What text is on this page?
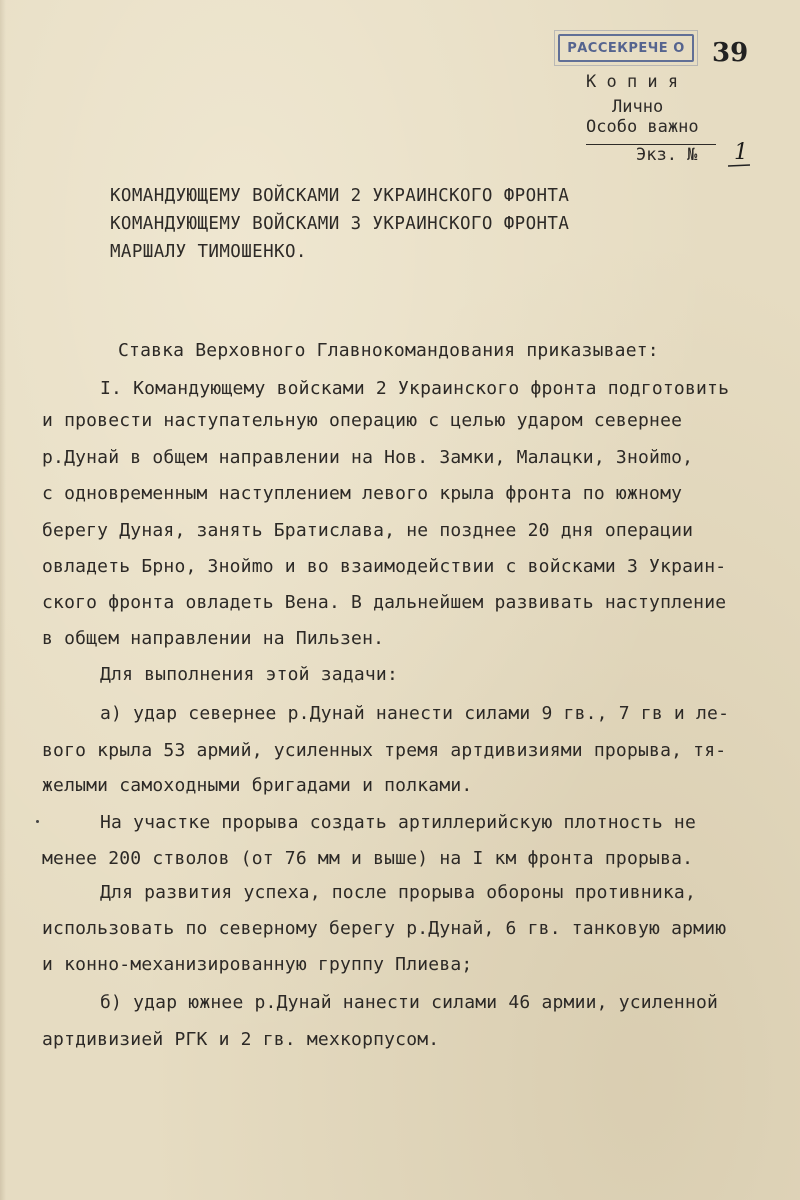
РАССЕКРЕЧЕ О 39
К о п и я
Лично
Особо важно
Экз. № 1
КОМАНДУЮЩЕМУ ВОЙСКАМИ 2 УКРАИНСКОГО ФРОНТА
КОМАНДУЮЩЕМУ ВОЙСКАМИ 3 УКРАИНСКОГО ФРОНТА
МАРШАЛУ ТИМОШЕНКО.
Ставка Верховного Главнокомандования приказывает:
I. Командующему войсками 2 Украинского фронта подготовить
и провести наступательную операцию с целью ударом севернее
р.Дунай в общем направлении на Нов. Замки, Малацки, Знойmo,
с одновременным наступлением левого крыла фронта по южному
берегу Дуная, занять Братислава, не позднее 20 дня операции
овладеть Брно, Знойmo и во взаимодействии с войсками 3 Украин-
ского фронта овладеть Вена. В дальнейшем развивать наступление
в общем направлении на Пильзен.
Для выполнения этой задачи:
а) удар севернее р.Дунай нанести силами 9 гв., 7 гв и ле-
вого крыла 53 армий, усиленных тремя артдивизиями прорыва, тя-
желыми самоходными бригадами и полками.
На участке прорыва создать артиллерийскую плотность не
менее 200 стволов (от 76 мм и выше) на I км фронта прорыва.
Для развития успеха, после прорыва обороны противника,
использовать по северному берегу р.Дунай, 6 гв. танковую армию
и конно-механизированную группу Плиева;
б) удар южнее р.Дунай нанести силами 46 армии, усиленной
артдивизией РГК и 2 гв. мехкорпусом.
